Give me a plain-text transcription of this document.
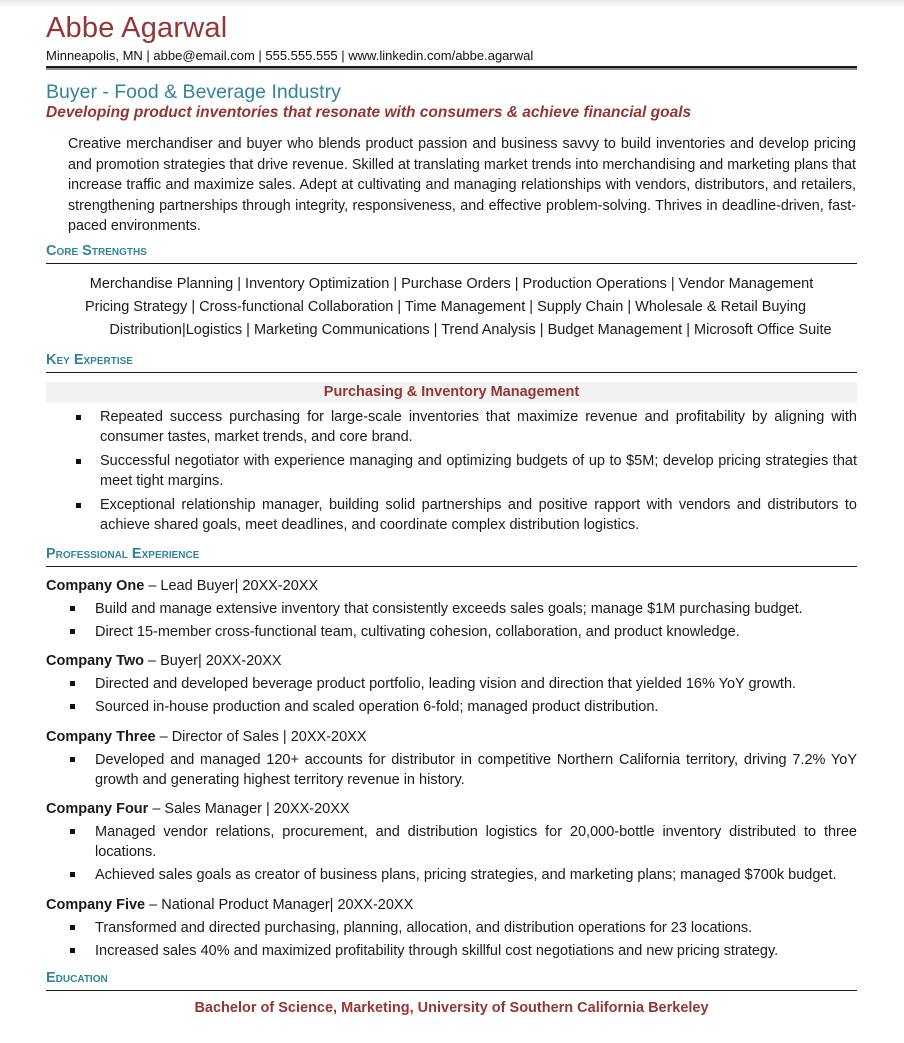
Abbe Agarwal
Minneapolis, MN | abbe@email.com | 555.555.555 | www.linkedin.com/abbe.agarwal
Buyer - Food & Beverage Industry
Developing product inventories that resonate with consumers & achieve financial goals
Creative merchandiser and buyer who blends product passion and business savvy to build inventories and develop pricing and promotion strategies that drive revenue. Skilled at translating market trends into merchandising and marketing plans that increase traffic and maximize sales. Adept at cultivating and managing relationships with vendors, distributors, and retailers, strengthening partnerships through integrity, responsiveness, and effective problem-solving. Thrives in deadline-driven, fast-paced environments.
Core Strengths
Merchandise Planning | Inventory Optimization | Purchase Orders | Production Operations | Vendor Management
Pricing Strategy | Cross-functional Collaboration | Time Management | Supply Chain | Wholesale & Retail Buying
Distribution|Logistics | Marketing Communications | Trend Analysis | Budget Management | Microsoft Office Suite
Key Expertise
Purchasing & Inventory Management
Repeated success purchasing for large-scale inventories that maximize revenue and profitability by aligning with consumer tastes, market trends, and core brand.
Successful negotiator with experience managing and optimizing budgets of up to $5M; develop pricing strategies that meet tight margins.
Exceptional relationship manager, building solid partnerships and positive rapport with vendors and distributors to achieve shared goals, meet deadlines, and coordinate complex distribution logistics.
Professional Experience
Company One – Lead Buyer| 20XX-20XX
Build and manage extensive inventory that consistently exceeds sales goals; manage $1M purchasing budget.
Direct 15-member cross-functional team, cultivating cohesion, collaboration, and product knowledge.
Company Two – Buyer| 20XX-20XX
Directed and developed beverage product portfolio, leading vision and direction that yielded 16% YoY growth.
Sourced in-house production and scaled operation 6-fold; managed product distribution.
Company Three – Director of Sales | 20XX-20XX
Developed and managed 120+ accounts for distributor in competitive Northern California territory, driving 7.2% YoY growth and generating highest territory revenue in history.
Company Four – Sales Manager | 20XX-20XX
Managed vendor relations, procurement, and distribution logistics for 20,000-bottle inventory distributed to three locations.
Achieved sales goals as creator of business plans, pricing strategies, and marketing plans; managed $700k budget.
Company Five – National Product Manager| 20XX-20XX
Transformed and directed purchasing, planning, allocation, and distribution operations for 23 locations.
Increased sales 40% and maximized profitability through skillful cost negotiations and new pricing strategy.
Education
Bachelor of Science, Marketing, University of Southern California Berkeley
